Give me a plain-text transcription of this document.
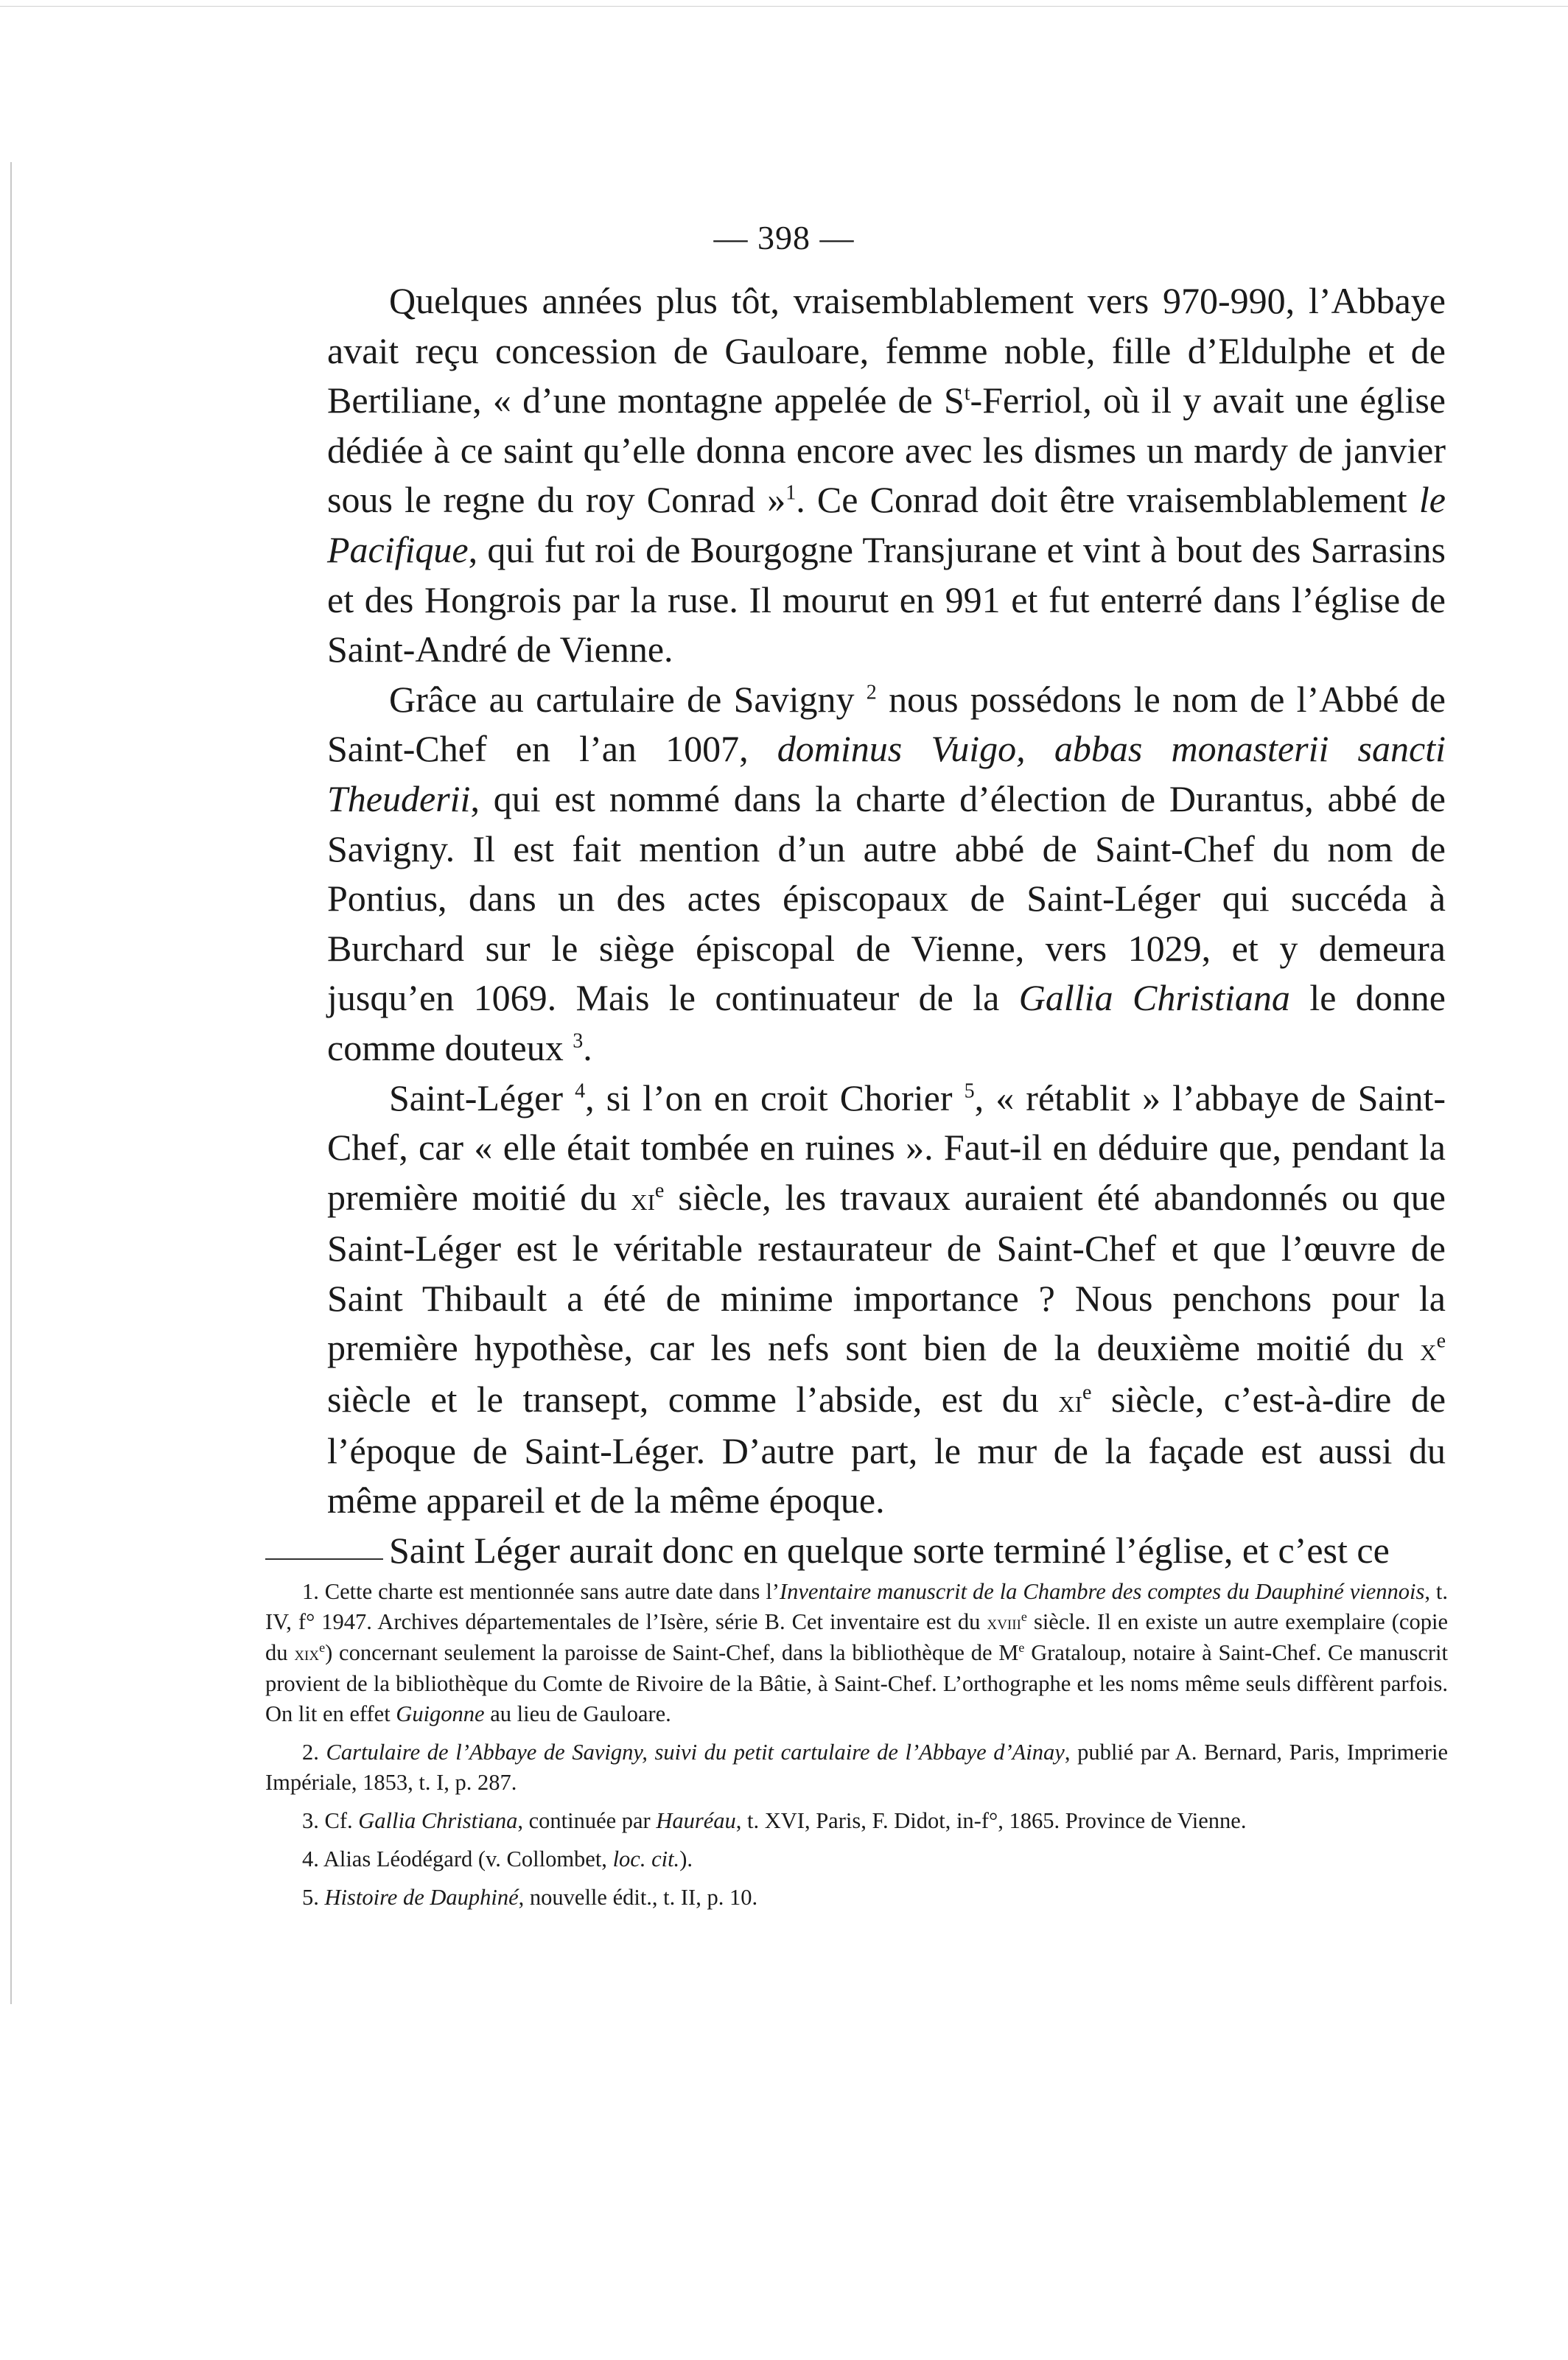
— 398 —

Quelques années plus tôt, vraisemblablement vers 970-990, l’Abbaye avait reçu concession de Gauloare, femme noble, fille d’Eldulphe et de Bertiliane, « d’une montagne appelée de $S^t$-Ferriol, où il y avait une église dédiée à ce saint qu’elle donna encore avec les dismes un mardy de janvier sous le regne du roy Conrad »$^1$. Ce Conrad doit être vraisemblablement le Pacifique, qui fut roi de Bourgogne Transjurane et vint à bout des Sarrasins et des Hongrois par la ruse. Il mourut en 991 et fut enterré dans l’église de Saint-André de Vienne.

Grâce au cartulaire de Savigny $^2$ nous possédons le nom de l’Abbé de Saint-Chef en l’an 1007, dominus Vuigo, abbas monasterii sancti Theuderii, qui est nommé dans la charte d’élection de Durantus, abbé de Savigny. Il est fait mention d’un autre abbé de Saint-Chef du nom de Pontius, dans un des actes épiscopaux de Saint-Léger qui succéda à Burchard sur le siège épiscopal de Vienne, vers 1029, et y demeura jusqu’en 1069. Mais le continuateur de la Gallia Christiana le donne comme douteux $^3$.

Saint-Léger $^4$, si l’on en croit Chorier $^5$, « rétablit » l’abbaye de Saint-Chef, car « elle était tombée en ruines ». Faut-il en déduire que, pendant la première moitié du $xi^e$ siècle, les travaux auraient été abandonnés ou que Saint-Léger est le véritable restaurateur de Saint-Chef et que l’œuvre de Saint Thibault a été de minime importance ? Nous penchons pour la première hypothèse, car les nefs sont bien de la deuxième moitié du $x^e$ siècle et le transept, comme l’abside, est du $xi^e$ siècle, c’est-à-dire de l’époque de Saint-Léger. D’autre part, le mur de la façade est aussi du même appareil et de la même époque.

Saint Léger aurait donc en quelque sorte terminé l’église, et c’est ce

1. Cette charte est mentionnée sans autre date dans l’Inventaire manuscrit de la Chambre des comptes du Dauphiné viennois, t. IV, f° 1947. Archives départementales de l’Isère, série B. Cet inventaire est du xviii$^e$ siècle. Il en existe un autre exemplaire (copie du xix$^e$) concernant seulement la paroisse de Saint-Chef, dans la bibliothèque de Me Grataloup, notaire à Saint-Chef. Ce manuscrit provient de la bibliothèque du Comte de Rivoire de la Bâtie, à Saint-Chef. L’orthographe et les noms même seuls diffèrent parfois. On lit en effet Guigonne au lieu de Gauloare.

2. Cartulaire de l’Abbaye de Savigny, suivi du petit cartulaire de l’Abbaye d’Ainay, publié par A. Bernard, Paris, Imprimerie Impériale, 1853, t. I, p. 287.

3. Cf. Gallia Christiana, continuée par Hauréau, t. XVI, Paris, F. Didot, in-f°, 1865. Province de Vienne.

4. Alias Léodégard (v. Collombet, loc. cit.).

5. Histoire de Dauphiné, nouvelle édit., t. II, p. 10.
